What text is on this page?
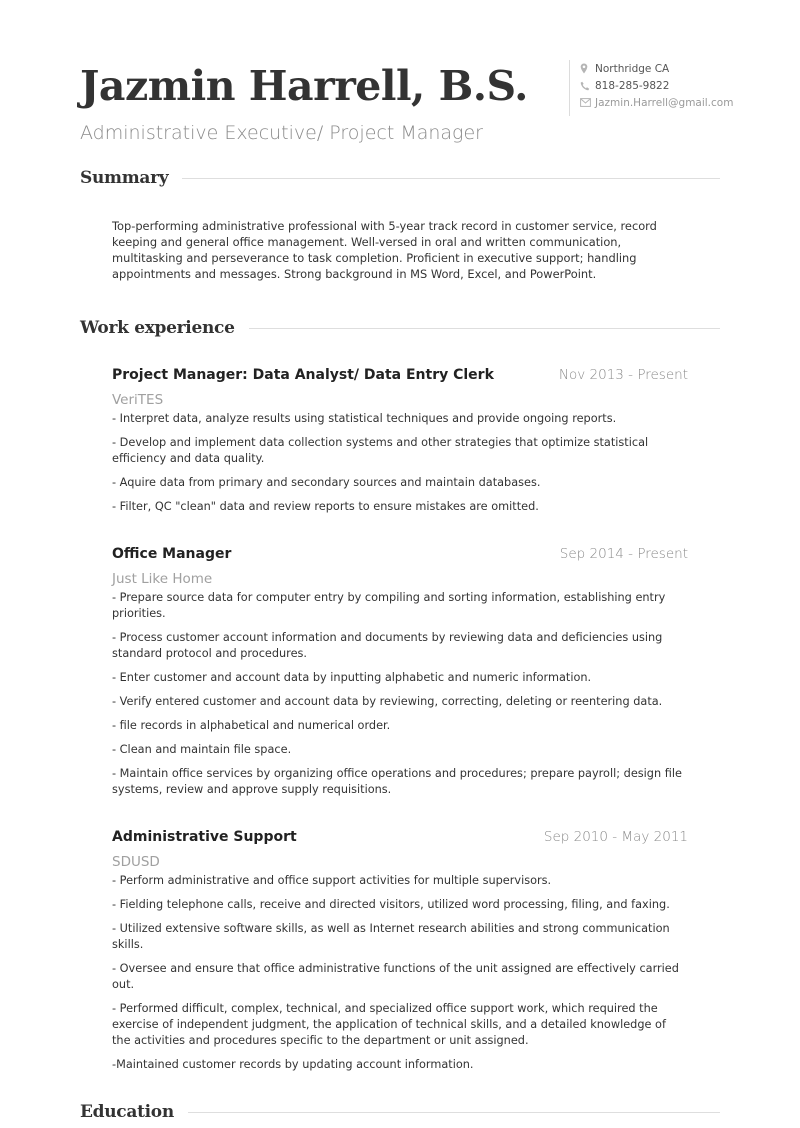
Jazmin Harrell, B.S.
Administrative Executive/ Project Manager
Northridge CA
818-285-9822
Jazmin.Harrell@gmail.com
Summary

Top-performing administrative professional with 5-year track record in customer service, record keeping and general office management. Well-versed in oral and written communication, multitasking and perseverance to task completion. Proficient in executive support; handling appointments and messages. Strong background in MS Word, Excel, and PowerPoint.

Work experience
Project Manager: Data Analyst/ Data Entry Clerk	Nov 2013 - Present
VeriTES
- Interpret data, analyze results using statistical techniques and provide ongoing reports.
- Develop and implement data collection systems and other strategies that optimize statistical efficiency and data quality.
- Aquire data from primary and secondary sources and maintain databases.
- Filter, QC "clean" data and review reports to ensure mistakes are omitted.
Office Manager	Sep 2014 - Present
Just Like Home
- Prepare source data for computer entry by compiling and sorting information, establishing entry priorities.
- Process customer account information and documents by reviewing data and deficiencies using standard protocol and procedures.
- Enter customer and account data by inputting alphabetic and numeric information.
- Verify entered customer and account data by reviewing, correcting, deleting or reentering data.
- file records in alphabetical and numerical order.
- Clean and maintain file space.
- Maintain office services by organizing office operations and procedures; prepare payroll; design file systems, review and approve supply requisitions.
Administrative Support	Sep 2010 - May 2011
SDUSD
- Perform administrative and office support activities for multiple supervisors.
- Fielding telephone calls, receive and directed visitors, utilized word processing, filing, and faxing.
- Utilized extensive software skills, as well as Internet research abilities and strong communication skills.
- Oversee and ensure that office administrative functions of the unit assigned are effectively carried out.
- Performed difficult, complex, technical, and specialized office support work, which required the exercise of independent judgment, the application of technical skills, and a detailed knowledge of the activities and procedures specific to the department or unit assigned.
-Maintained customer records by updating account information.
Education
